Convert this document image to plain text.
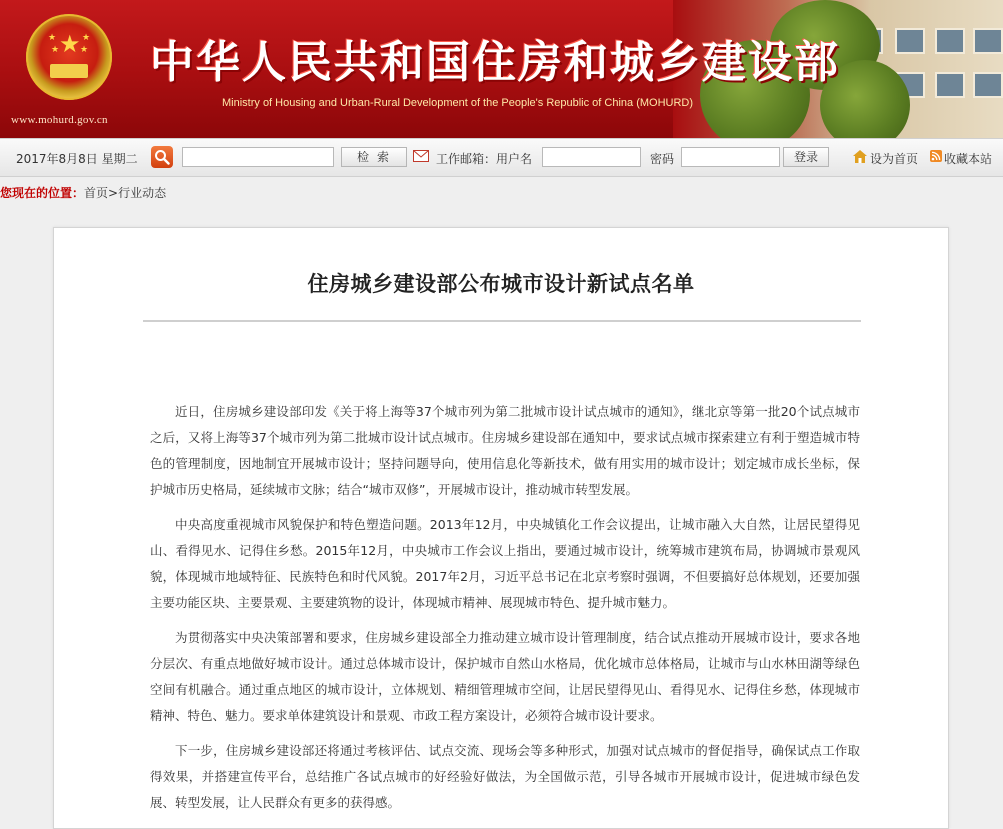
★
★
★
★
★
www.mohurd.gov.cn
中华人民共和国住房和城乡建设部
Ministry of Housing and Urban-Rural Development of the People's Republic of China (MOHURD)
2017年8月8日 星期二	检索	工作邮箱：用户名	密码	登录	设为首页 收藏本站
您现在的位置：首页>行业动态
住房城乡建设部公布城市设计新试点名单

近日，住房城乡建设部印发《关于将上海等37个城市列为第二批城市设计试点城市的通知》，继北京等第一批20个试点城市之后，又将上海等37个城市列为第二批城市设计试点城市。住房城乡建设部在通知中，要求试点城市探索建立有利于塑造城市特色的管理制度，因地制宜开展城市设计；坚持问题导向，使用信息化等新技术，做有用实用的城市设计；划定城市成长坐标，保护城市历史格局，延续城市文脉；结合“城市双修”，开展城市设计，推动城市转型发展。

中央高度重视城市风貌保护和特色塑造问题。2013年12月，中央城镇化工作会议提出，让城市融入大自然，让居民望得见山、看得见水、记得住乡愁。2015年12月，中央城市工作会议上指出，要通过城市设计，统筹城市建筑布局，协调城市景观风貌，体现城市地域特征、民族特色和时代风貌。2017年2月，习近平总书记在北京考察时强调，不但要搞好总体规划，还要加强主要功能区块、主要景观、主要建筑物的设计，体现城市精神、展现城市特色、提升城市魅力。

为贯彻落实中央决策部署和要求，住房城乡建设部全力推动建立城市设计管理制度，结合试点推动开展城市设计，要求各地分层次、有重点地做好城市设计。通过总体城市设计，保护城市自然山水格局，优化城市总体格局，让城市与山水林田湖等绿色空间有机融合。通过重点地区的城市设计，立体规划、精细管理城市空间，让居民望得见山、看得见水、记得住乡愁，体现城市精神、特色、魅力。要求单体建筑设计和景观、市政工程方案设计，必须符合城市设计要求。

下一步，住房城乡建设部还将通过考核评估、试点交流、现场会等多种形式，加强对试点城市的督促指导，确保试点工作取得效果，并搭建宣传平台，总结推广各试点城市的好经验好做法，为全国做示范，引导各城市开展城市设计，促进城市绿色发展、转型发展，让人民群众有更多的获得感。
